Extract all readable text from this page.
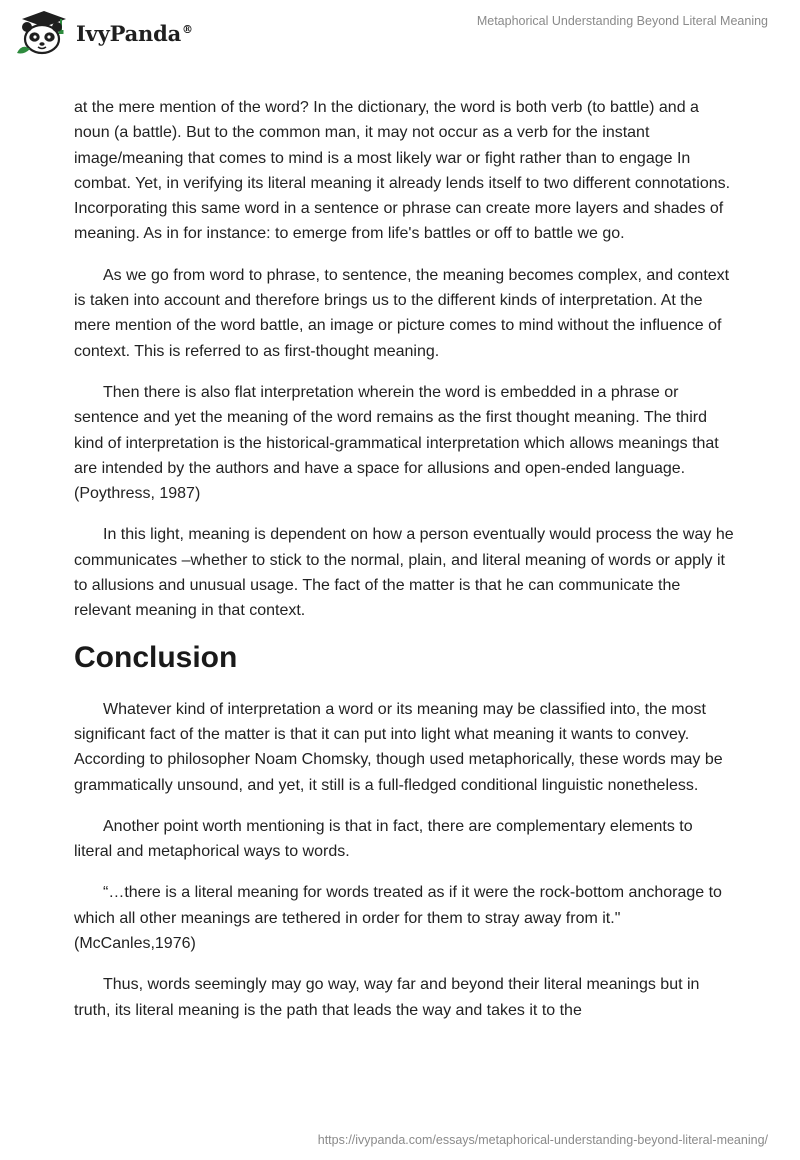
IvyPanda®
Metaphorical Understanding Beyond Literal Meaning

at the mere mention of the word? In the dictionary, the word is both verb (to battle) and a noun (a battle). But to the common man, it may not occur as a verb for the instant image/meaning that comes to mind is a most likely war or fight rather than to engage In combat. Yet, in verifying its literal meaning it already lends itself to two different connotations. Incorporating this same word in a sentence or phrase can create more layers and shades of meaning. As in for instance: to emerge from life's battles or off to battle we go.

As we go from word to phrase, to sentence, the meaning becomes complex, and context is taken into account and therefore brings us to the different kinds of interpretation. At the mere mention of the word battle, an image or picture comes to mind without the influence of context. This is referred to as first-thought meaning.

Then there is also flat interpretation wherein the word is embedded in a phrase or sentence and yet the meaning of the word remains as the first thought meaning. The third kind of interpretation is the historical-grammatical interpretation which allows meanings that are intended by the authors and have a space for allusions and open-ended language. (Poythress, 1987)

In this light, meaning is dependent on how a person eventually would process the way he communicates –whether to stick to the normal, plain, and literal meaning of words or apply it to allusions and unusual usage. The fact of the matter is that he can communicate the relevant meaning in that context.

Conclusion

Whatever kind of interpretation a word or its meaning may be classified into, the most significant fact of the matter is that it can put into light what meaning it wants to convey. According to philosopher Noam Chomsky, though used metaphorically, these words may be grammatically unsound, and yet, it still is a full-fledged conditional linguistic nonetheless.

Another point worth mentioning is that in fact, there are complementary elements to literal and metaphorical ways to words.

“…there is a literal meaning for words treated as if it were the rock-bottom anchorage to which all other meanings are tethered in order for them to stray away from it." (McCanles,1976)

Thus, words seemingly may go way, way far and beyond their literal meanings but in truth, its literal meaning is the path that leads the way and takes it to the

https://ivypanda.com/essays/metaphorical-understanding-beyond-literal-meaning/
